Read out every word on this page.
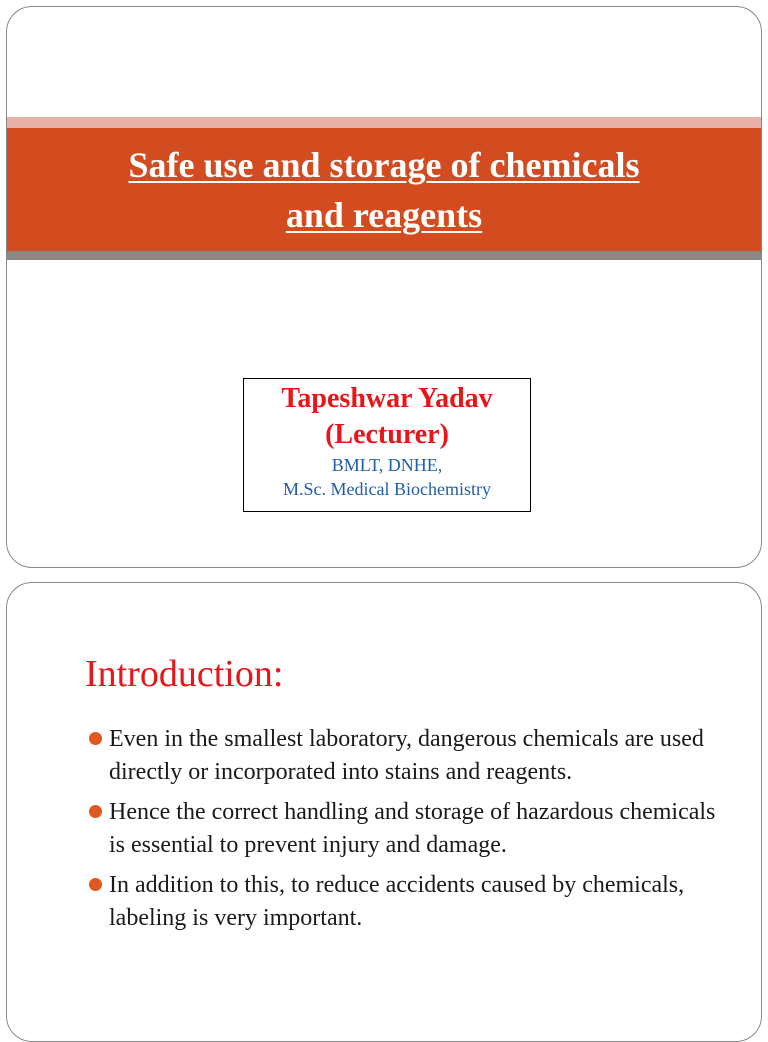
Safe use and storage of chemicals
and reagents
Tapeshwar Yadav
(Lecturer)
BMLT, DNHE,
M.Sc. Medical Biochemistry
Introduction:
Even in the smallest laboratory, dangerous chemicals are used directly or incorporated into stains and reagents.
Hence the correct handling and storage of hazardous chemicals is essential to prevent injury and damage.
In addition to this, to reduce accidents caused by chemicals, labeling is very important.
